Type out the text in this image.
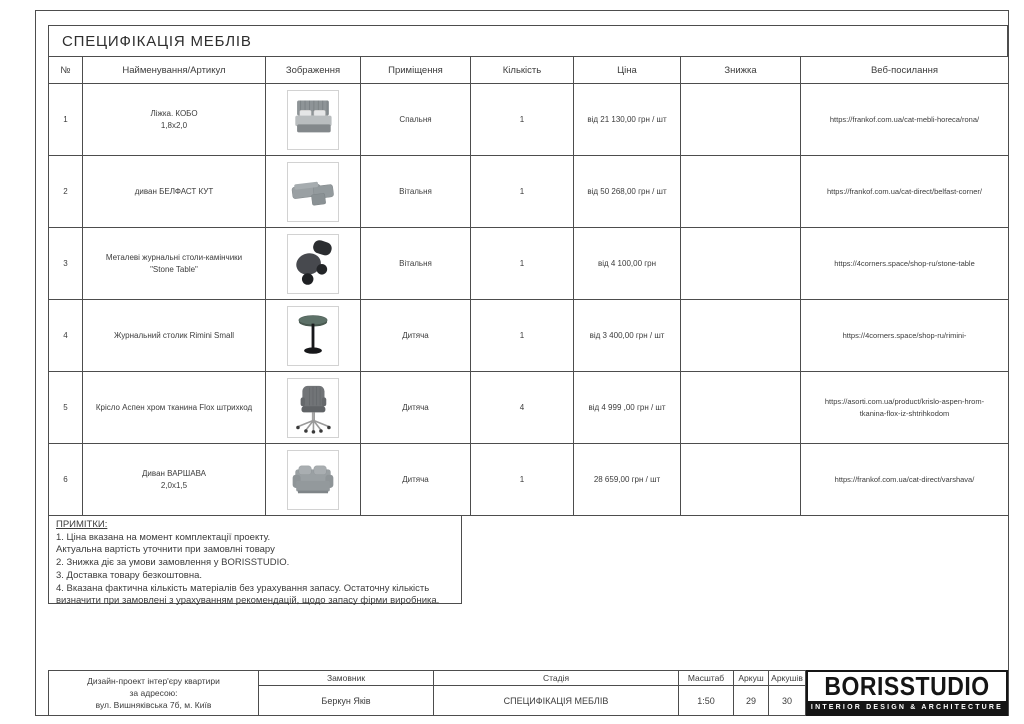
СПЕЦИФІКАЦІЯ МЕБЛІВ
№	Найменування/Артикул	Зображення	Приміщення	Кількість	Ціна	Знижка	Веб-посилання
1	Ліжка. КОБО
1,8х2,0		Спальня	1	від 21 130,00 грн / шт		https://frankof.com.ua/cat-mebli-horeca/rona/
2	диван БЕЛФАСТ КУТ		Вітальня	1	від 50 268,00 грн / шт		https://frankof.com.ua/cat-direct/belfast-corner/
3	Металеві журнальні столи-камінчики
"Stone Table"		Вітальня	1	від 4 100,00 грн		https://4corners.space/shop-ru/stone-table
4	Журнальний столик Rimini Small		Дитяча	1	від 3 400,00 грн / шт		https://4corners.space/shop-ru/rimini-
5	Крісло Аспен хром тканина Flox штрихкод		Дитяча	4	від 4 999 ,00 грн / шт		https://asorti.com.ua/product/krislo-aspen-hrom-tkanina-flox-iz-shtrihkodom
6	Диван ВАРШАВА
2,0х1,5		Дитяча	1	28 659,00 грн / шт		https://frankof.com.ua/cat-direct/varshava/
ПРИМІТКИ:
1. Ціна вказана на момент комплектації проекту.
Актуальна вартість уточнити при замовлні товару
2. Знижка діє за умови замовлення у BORISSTUDIO.
3. Доставка товару безкоштовна.
4. Вказана фактична кількість матеріалів без урахування запасу. Остаточну кількість
визначити при замовлені з урахуванням рекомендацій, щодо запасу фірми виробника.
Дизайн-проект інтер'єру квартири
за адресою:
вул. Вишняківська 7б, м. Київ
Замовник
Беркун Яків
Стадія
СПЕЦИФІКАЦІЯ МЕБЛІВ
Масштаб
1:50
Аркуш
29
Аркушів
30	BORISSTUDIO
INTERIOR DESIGN & ARCHITECTURE
